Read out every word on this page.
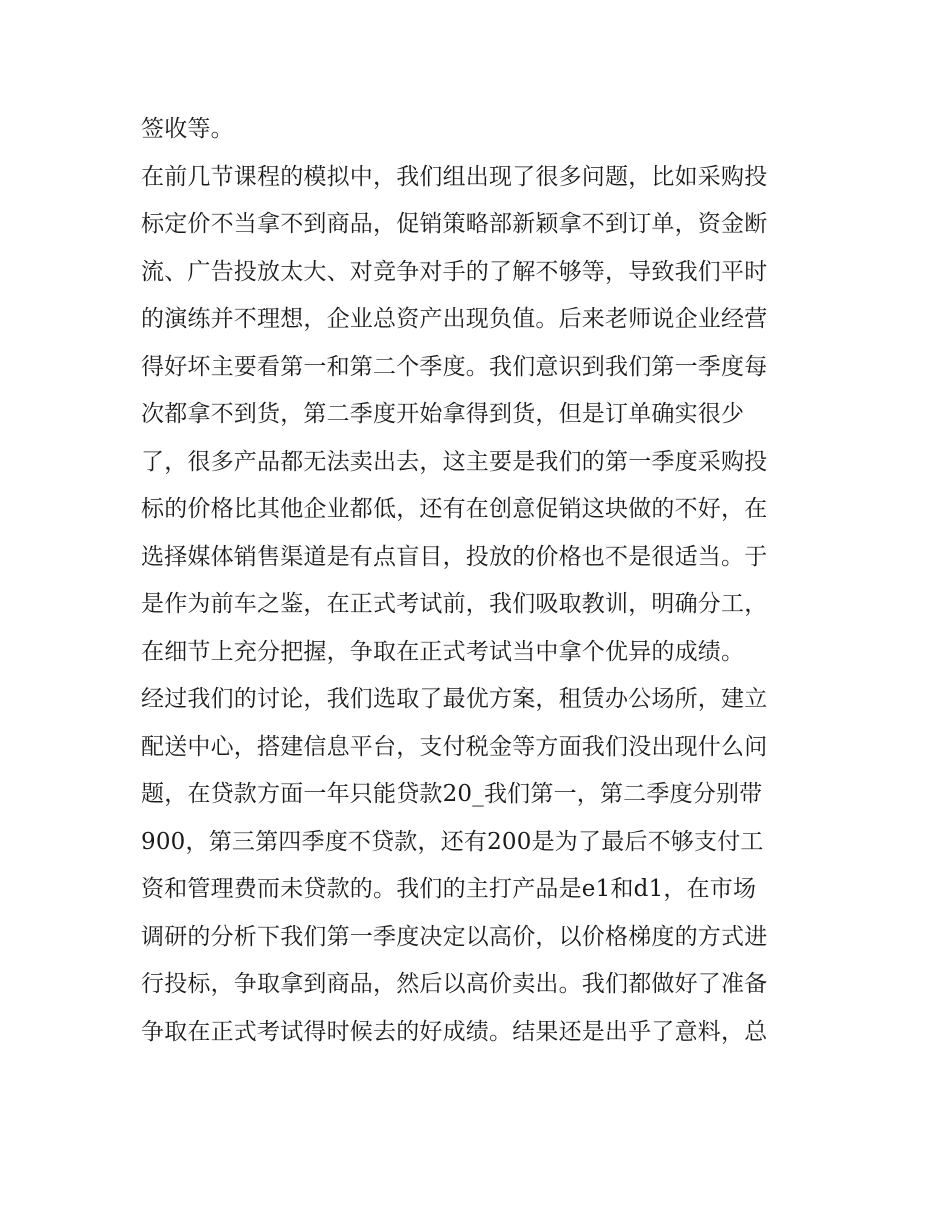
签收等。
在前几节课程的模拟中，我们组出现了很多问题，比如采购投
标定价不当拿不到商品，促销策略部新颖拿不到订单，资金断
流、广告投放太大、对竞争对手的了解不够等，导致我们平时
的演练并不理想，企业总资产出现负值。后来老师说企业经营
得好坏主要看第一和第二个季度。我们意识到我们第一季度每
次都拿不到货，第二季度开始拿得到货，但是订单确实很少
了，很多产品都无法卖出去，这主要是我们的第一季度采购投
标的价格比其他企业都低，还有在创意促销这块做的不好，在
选择媒体销售渠道是有点盲目，投放的价格也不是很适当。于
是作为前车之鉴，在正式考试前，我们吸取教训，明确分工，
在细节上充分把握，争取在正式考试当中拿个优异的成绩。
经过我们的讨论，我们选取了最优方案，租赁办公场所，建立
配送中心，搭建信息平台，支付税金等方面我们没出现什么问
题，在贷款方面一年只能贷款20_我们第一，第二季度分别带
900，第三第四季度不贷款，还有200是为了最后不够支付工
资和管理费而未贷款的。我们的主打产品是e1和d1，在市场
调研的分析下我们第一季度决定以高价，以价格梯度的方式进
行投标，争取拿到商品，然后以高价卖出。我们都做好了准备
争取在正式考试得时候去的好成绩。结果还是出乎了意料，总
